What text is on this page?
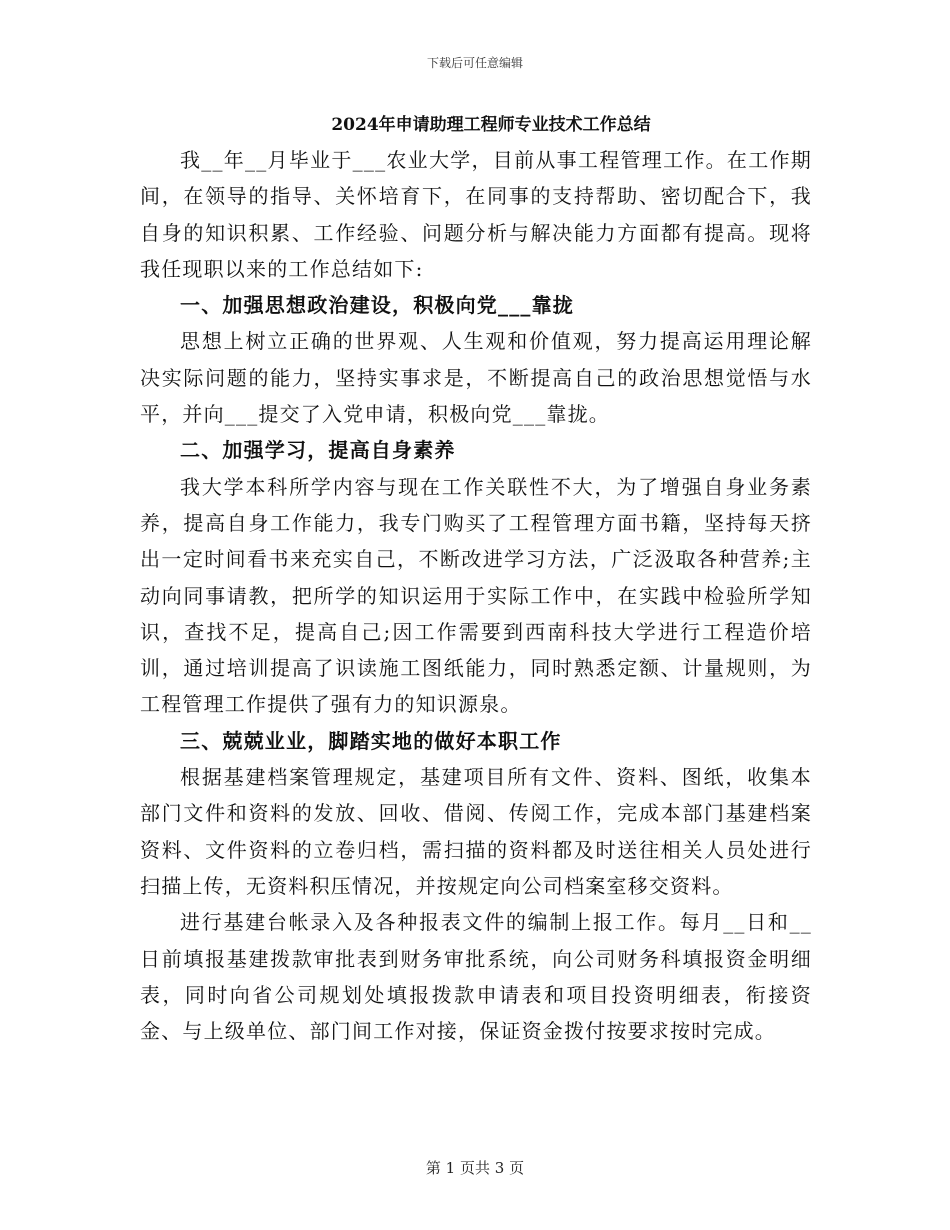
下载后可任意编辑

2024年申请助理工程师专业技术工作总结

我__年__月毕业于___农业大学，目前从事工程管理工作。在工作期间，在领导的指导、关怀培育下，在同事的支持帮助、密切配合下，我自身的知识积累、工作经验、问题分析与解决能力方面都有提高。现将我任现职以来的工作总结如下:

一、加强思想政治建设，积极向党___靠拢

思想上树立正确的世界观、人生观和价值观，努力提高运用理论解决实际问题的能力，坚持实事求是，不断提高自己的政治思想觉悟与水平，并向___提交了入党申请，积极向党___靠拢。

二、加强学习，提高自身素养

我大学本科所学内容与现在工作关联性不大，为了增强自身业务素养，提高自身工作能力，我专门购买了工程管理方面书籍，坚持每天挤出一定时间看书来充实自己，不断改进学习方法，广泛汲取各种营养;主动向同事请教，把所学的知识运用于实际工作中，在实践中检验所学知识，查找不足，提高自己;因工作需要到西南科技大学进行工程造价培训，通过培训提高了识读施工图纸能力，同时熟悉定额、计量规则，为工程管理工作提供了强有力的知识源泉。

三、兢兢业业，脚踏实地的做好本职工作

根据基建档案管理规定，基建项目所有文件、资料、图纸，收集本部门文件和资料的发放、回收、借阅、传阅工作，完成本部门基建档案资料、文件资料的立卷归档，需扫描的资料都及时送往相关人员处进行扫描上传，无资料积压情况，并按规定向公司档案室移交资料。

进行基建台帐录入及各种报表文件的编制上报工作。每月__日和__日前填报基建拨款审批表到财务审批系统，向公司财务科填报资金明细表，同时向省公司规划处填报拨款申请表和项目投资明细表，衔接资金、与上级单位、部门间工作对接，保证资金拨付按要求按时完成。

第 1 页共 3 页
